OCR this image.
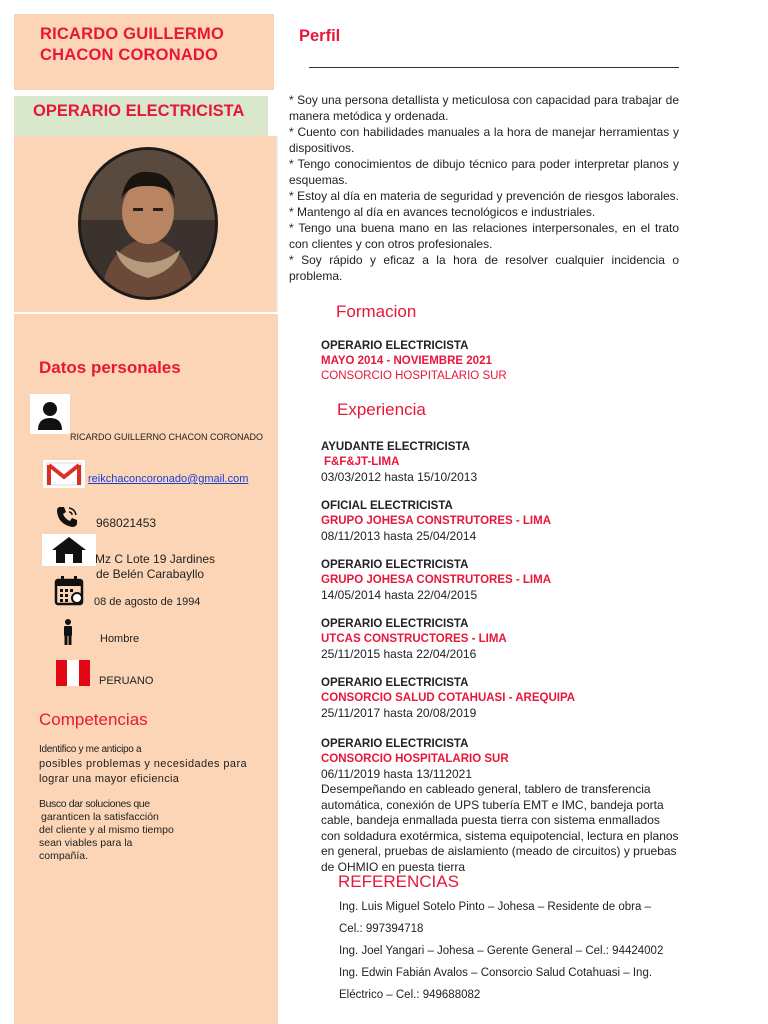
RICARDO GUILLERMO
CHACON CORONADO
OPERARIO ELECTRICISTA
Datos personales
RICARDO GUILLERNO CHACON CORONADO
reikchaconcoronado@gmail.com
968021453
Mz C Lote 19 Jardines
de Belén Carabayllo
08 de agosto de 1994
Hombre
PERUANO
Competencias
Identifico y me anticipo a
posibles problemas y necesidades para
lograr una mayor eficiencia
Busco dar soluciones que
garanticen la satisfacción
del cliente y al mismo tiempo
sean viables para la
compañía.
Perfil

* Soy una persona detallista y meticulosa con capacidad para trabajar de manera metódica y ordenada.

* Cuento con habilidades manuales a la hora de manejar herramientas y dispositivos.

* Tengo conocimientos de dibujo técnico para poder interpretar planos y esquemas.

* Estoy al día en materia de seguridad y prevención de riesgos laborales. * Mantengo al día en avances tecnológicos e industriales.

* Tengo una buena mano en las relaciones interpersonales, en el trato con clientes y con otros profesionales.

* Soy rápido y eficaz a la hora de resolver cualquier incidencia o problema.

Formacion
OPERARIO ELECTRICISTA
MAYO 2014 - NOVIEMBRE 2021
CONSORCIO HOSPITALARIO SUR
Experiencia
AYUDANTE ELECTRICISTA
F&F&JT-LIMA
03/03/2012 hasta 15/10/2013
OFICIAL ELECTRICISTA
GRUPO JOHESA CONSTRUTORES - LIMA
08/11/2013 hasta 25/04/2014
OPERARIO ELECTRICISTA
GRUPO JOHESA CONSTRUTORES - LIMA
14/05/2014 hasta 22/04/2015
OPERARIO ELECTRICISTA
UTCAS CONSTRUCTORES - LIMA
25/11/2015 hasta 22/04/2016
OPERARIO ELECTRICISTA
CONSORCIO SALUD COTAHUASI - AREQUIPA
25/11/2017 hasta 20/08/2019
OPERARIO ELECTRICISTA
CONSORCIO HOSPITALARIO SUR
06/11/2019 hasta 13/112021
Desempeñando en cableado general, tablero de transferencia automática, conexión de UPS tubería EMT e IMC, bandeja porta cable, bandeja enmallada puesta tierra con sistema enmallados con soldadura exotérmica, sistema equipotencial, lectura en planos en general, pruebas de aislamiento (meado de circuitos) y pruebas de OHMIO en puesta tierra
REFERENCIAS
Ing. Luis Miguel Sotelo Pinto – Johesa – Residente de obra –
Cel.: 997394718
Ing. Joel Yangari – Johesa – Gerente General – Cel.: 94424002
Ing. Edwin Fabián Avalos – Consorcio Salud Cotahuasi – Ing.
Eléctrico – Cel.: 949688082
